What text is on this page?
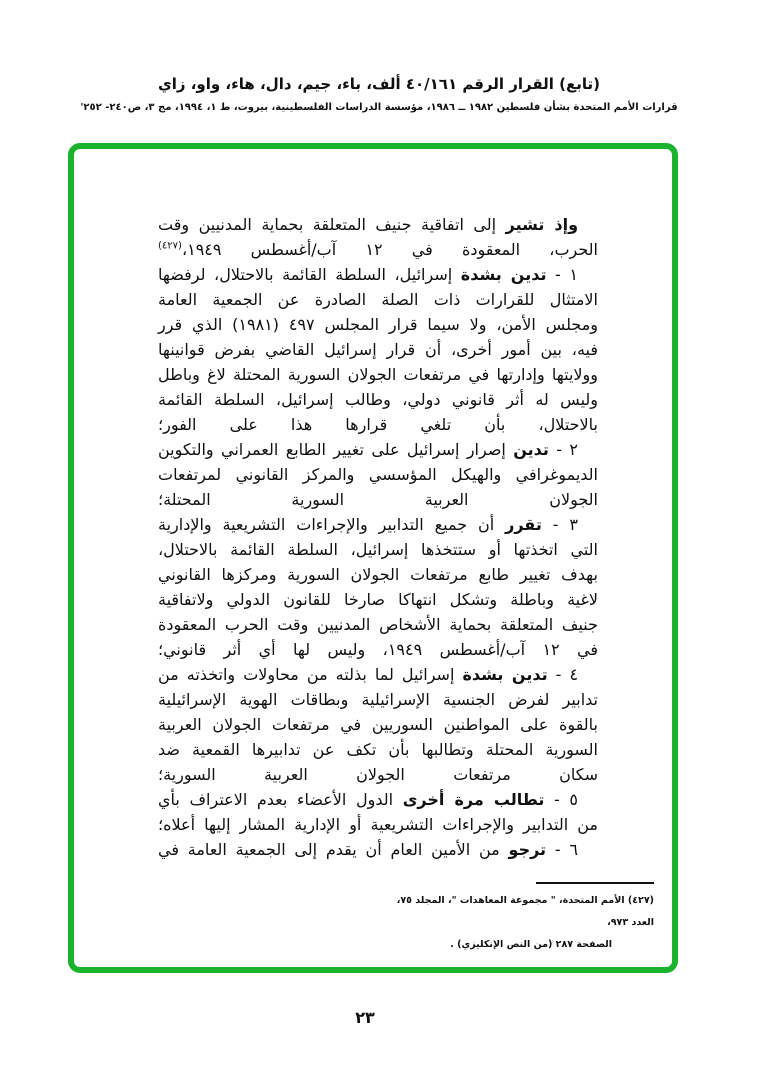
(تابع) القرار الرقم ٤٠/١٦١ ألف، باء، جيم، دال، هاء، واو، زاي
قرارات الأمم المتحدة بشأن فلسطين ١٩٨٢ ــ ١٩٨٦، مؤسسة الدراسات الفلسطينية، بيروت، ط ١، ١٩٩٤، مج ٣، ص٢٤٠- ٢٥٢'

وإذ تشير إلى اتفاقية جنيف المتعلقة بحماية المدنيين وقت الحرب، المعقودة في ١٢ آب/أغسطس ١٩٤٩،$^{(٤٢٧)}$

١ - تدين بشدة إسرائيل، السلطة القائمة بالاحتلال، لرفضها الامتثال للقرارات ذات الصلة الصادرة عن الجمعية العامة ومجلس الأمن، ولا سيما قرار المجلس ٤٩٧ (١٩٨١) الذي قرر فيه، بين أمور أخرى، أن قرار إسرائيل القاضي بفرض قوانينها وولايتها وإدارتها في مرتفعات الجولان السورية المحتلة لاغ وباطل وليس له أثر قانوني دولي، وطالب إسرائيل، السلطة القائمة بالاحتلال، بأن تلغي قرارها هذا على الفور؛

٢ - تدين إصرار إسرائيل على تغيير الطابع العمراني والتكوين الديموغرافي والهيكل المؤسسي والمركز القانوني لمرتفعات الجولان العربية السورية المحتلة؛

٣ - تقرر أن جميع التدابير والإجراءات التشريعية والإدارية التي اتخذتها أو ستتخذها إسرائيل، السلطة القائمة بالاحتلال، بهدف تغيير طابع مرتفعات الجولان السورية ومركزها القانوني لاغية وباطلة وتشكل انتهاكا صارخا للقانون الدولي ولاتفاقية جنيف المتعلقة بحماية الأشخاص المدنيين وقت الحرب المعقودة في ١٢ آب/أغسطس ١٩٤٩، وليس لها أي أثر قانوني؛

٤ - تدين بشدة إسرائيل لما بذلته من محاولات واتخذته من تدابير لفرض الجنسية الإسرائيلية وبطاقات الهوية الإسرائيلية بالقوة على المواطنين السوريين في مرتفعات الجولان العربية السورية المحتلة وتطالبها بأن تكف عن تدابيرها القمعية ضد سكان مرتفعات الجولان العربية السورية؛

٥ - تطالب مرة أخرى الدول الأعضاء بعدم الاعتراف بأي من التدابير والإجراءات التشريعية أو الإدارية المشار إليها أعلاه؛

٦ - ترجو من الأمين العام أن يقدم إلى الجمعية العامة في

(٤٢٧) الأمم المتحدة، " مجموعة المعاهدات "، المجلد ٧٥، العدد ٩٧٣،
الصفحة ٢٨٧ (من النص الإنكليزي) .
٢٣
